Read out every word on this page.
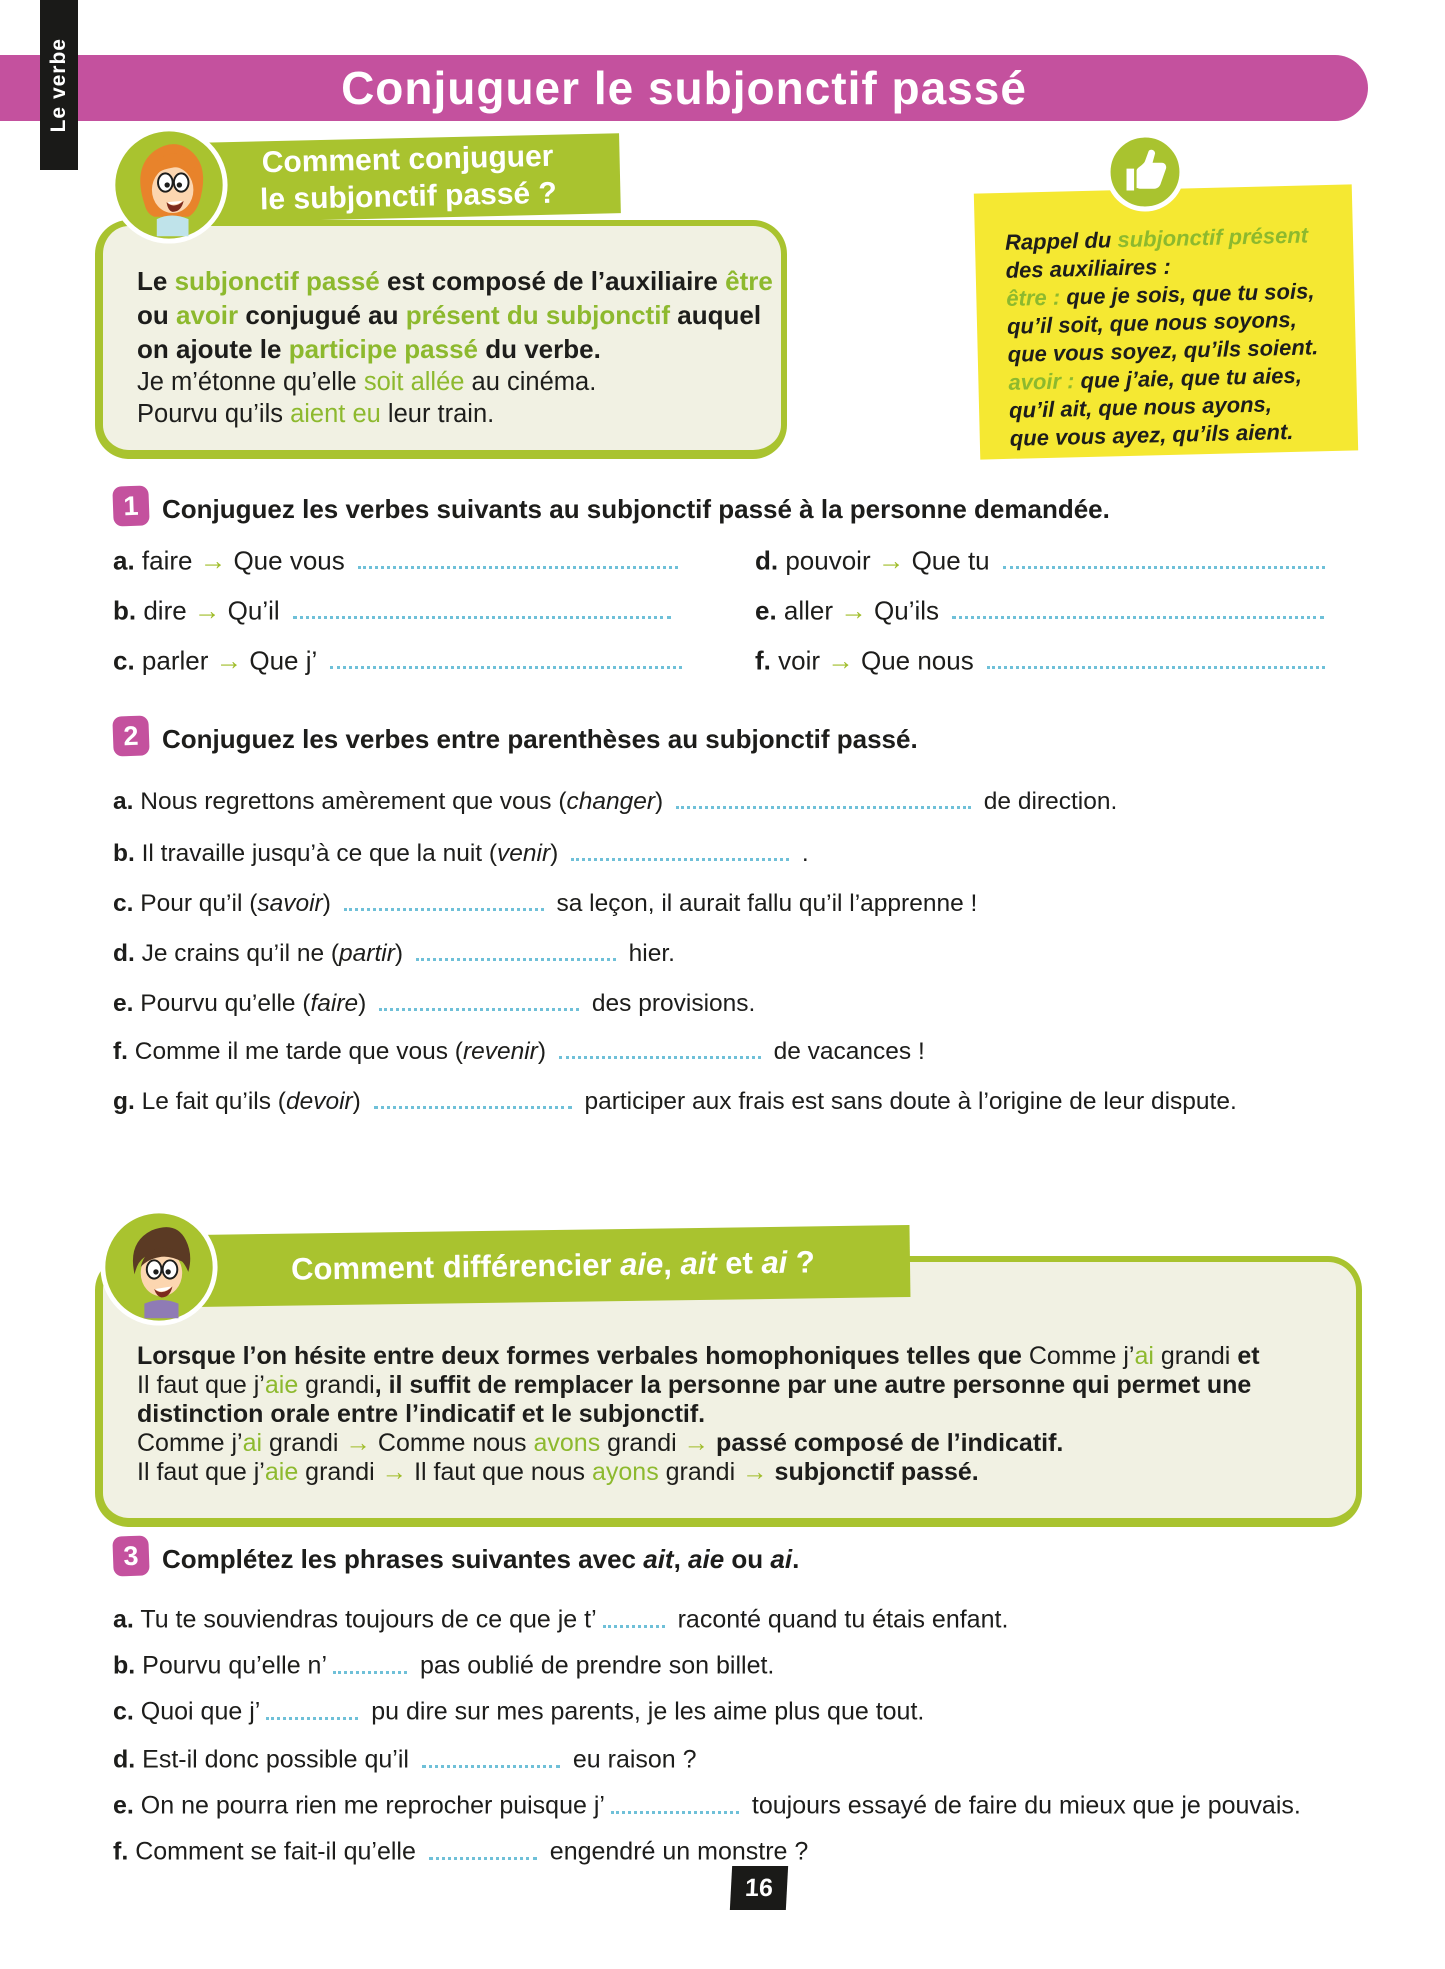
Conjuguer le subjonctif passé
Le verbe
Comment conjuguer
le subjonctif passé ?
Le subjonctif passé est composé de l’auxiliaire être
ou avoir conjugué au présent du subjonctif auquel
on ajoute le participe passé du verbe.
Je m’étonne qu’elle soit allée au cinéma.
Pourvu qu’ils aient eu leur train.
Rappel du subjonctif présent
des auxiliaires :
être : que je sois, que tu sois,
qu’il soit, que nous soyons,
que vous soyez, qu’ils soient.
avoir : que j’aie, que tu aies,
qu’il ait, que nous ayons,
que vous ayez, qu’ils aient.
1 Conjuguez les verbes suivants au subjonctif passé à la personne demandée.
a. faire → Que vous
b. dire → Qu’il
c. parler → Que j’
d. pouvoir → Que tu
e. aller → Qu’ils
f. voir → Que nous
2 Conjuguez les verbes entre parenthèses au subjonctif passé.
a. Nous regrettons amèrement que vous (changer)	de direction.
b. Il travaille jusqu’à ce que la nuit (venir)	.
c. Pour qu’il (savoir)	sa leçon, il aurait fallu qu’il l’apprenne !
d. Je crains qu’il ne (partir)	hier.
e. Pourvu qu’elle (faire)	des provisions.
f. Comme il me tarde que vous (revenir)	de vacances !
g. Le fait qu’ils (devoir)	participer aux frais est sans doute à l’origine de leur dispute.
Comment différencier aie, ait et ai ?
Lorsque l’on hésite entre deux formes verbales homophoniques telles que Comme j’ai grandi et
Il faut que j’aie grandi, il suffit de remplacer la personne par une autre personne qui permet une
distinction orale entre l’indicatif et le subjonctif.
Comme j’ai grandi → Comme nous avons grandi → passé composé de l’indicatif.
Il faut que j’aie grandi → Il faut que nous ayons grandi → subjonctif passé.
3 Complétez les phrases suivantes avec ait, aie ou ai.
a. Tu te souviendras toujours de ce que je t’	raconté quand tu étais enfant.
b. Pourvu qu’elle n’	pas oublié de prendre son billet.
c. Quoi que j’	pu dire sur mes parents, je les aime plus que tout.
d. Est-il donc possible qu’il	eu raison ?
e. On ne pourra rien me reprocher puisque j’	toujours essayé de faire du mieux que je pouvais.
f. Comment se fait-il qu’elle	engendré un monstre ?
16
